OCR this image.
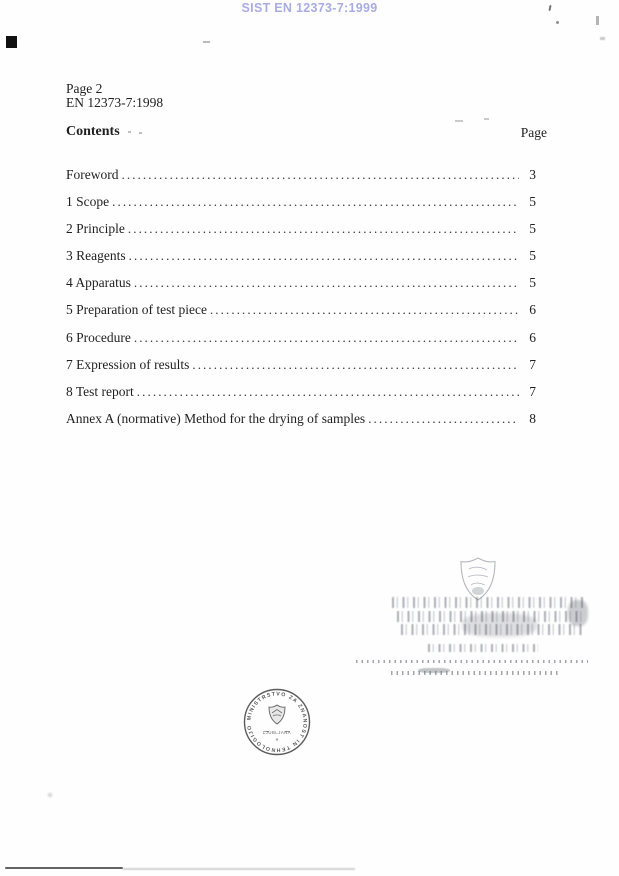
SIST EN 12373-7:1999
Page 2
EN 12373-7:1998
Contents	Page
Foreword .....	3
1 Scope .....	5
2 Principle .....	5
3 Reagents .....	5
4 Apparatus .....	5
5 Preparation of test piece .....	6
6 Procedure .....	6
7 Expression of results .....	7
8 Test report .....	7
Annex A (normative) Method for the drying of samples .....	8
MINISTRSTVO ZA ZNANOST IN TEHNOLOGIJO
LJUBLJANA
*
